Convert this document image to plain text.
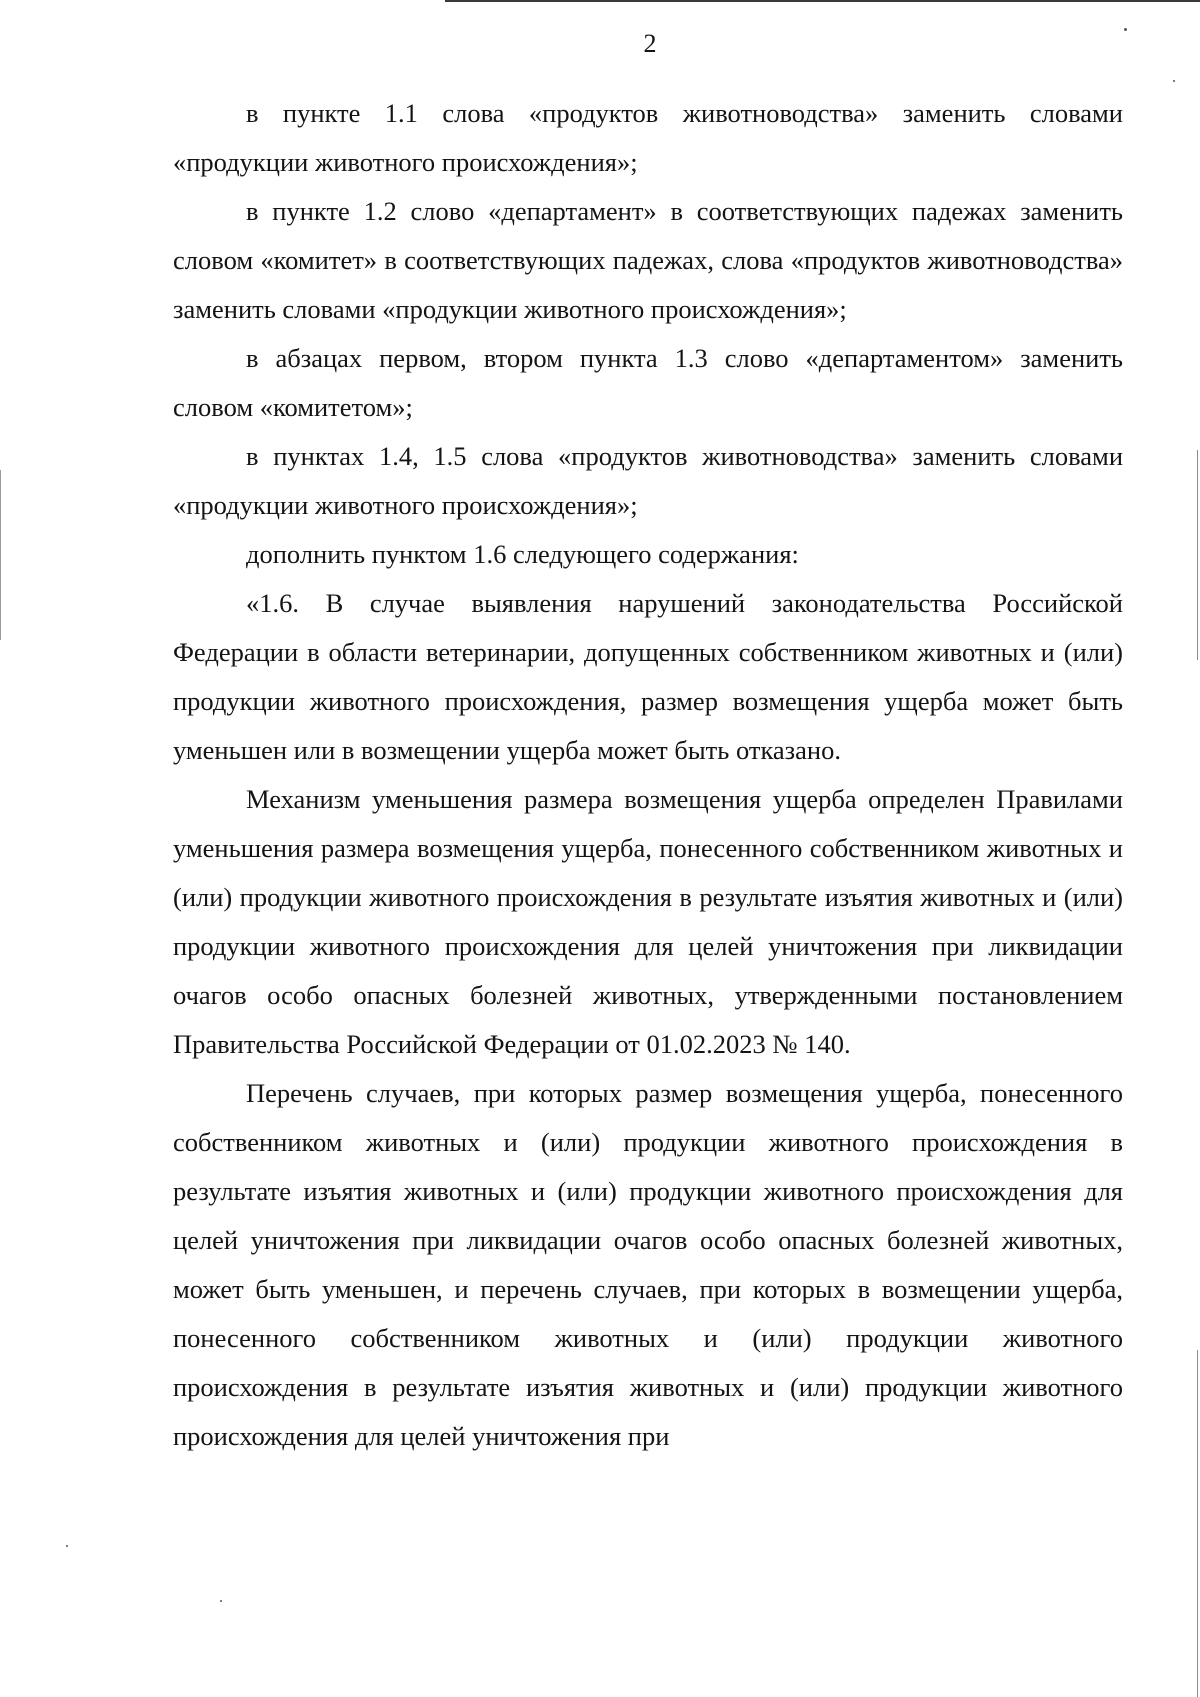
2

в пункте 1.1 слова «продуктов животноводства» заменить словами «продукции животного происхождения»;

в пункте 1.2 слово «департамент» в соответствующих падежах заменить словом «комитет» в соответствующих падежах, слова «продуктов животноводства» заменить словами «продукции животного происхождения»;

в абзацах первом, втором пункта 1.3 слово «департаментом» заменить словом «комитетом»;

в пунктах 1.4, 1.5 слова «продуктов животноводства» заменить словами «продукции животного происхождения»;

дополнить пунктом 1.6 следующего содержания:

«1.6. В случае выявления нарушений законодательства Российской Федерации в области ветеринарии, допущенных собственником животных и (или) продукции животного происхождения, размер возмещения ущерба может быть уменьшен или в возмещении ущерба может быть отказано.

Механизм уменьшения размера возмещения ущерба определен Правилами уменьшения размера возмещения ущерба, понесенного собственником животных и (или) продукции животного происхождения в результате изъятия животных и (или) продукции животного происхождения для целей уничтожения при ликвидации очагов особо опасных болезней животных, утвержденными постановлением Правительства Российской Федерации от 01.02.2023 № 140.

Перечень случаев, при которых размер возмещения ущерба, понесенного собственником животных и (или) продукции животного происхождения в результате изъятия животных и (или) продукции животного происхождения для целей уничтожения при ликвидации очагов особо опасных болезней животных, может быть уменьшен, и перечень случаев, при которых в возмещении ущерба, понесенного собственником животных и (или) продукции животного происхождения в результате изъятия животных и (или) продукции животного происхождения для целей уничтожения при
